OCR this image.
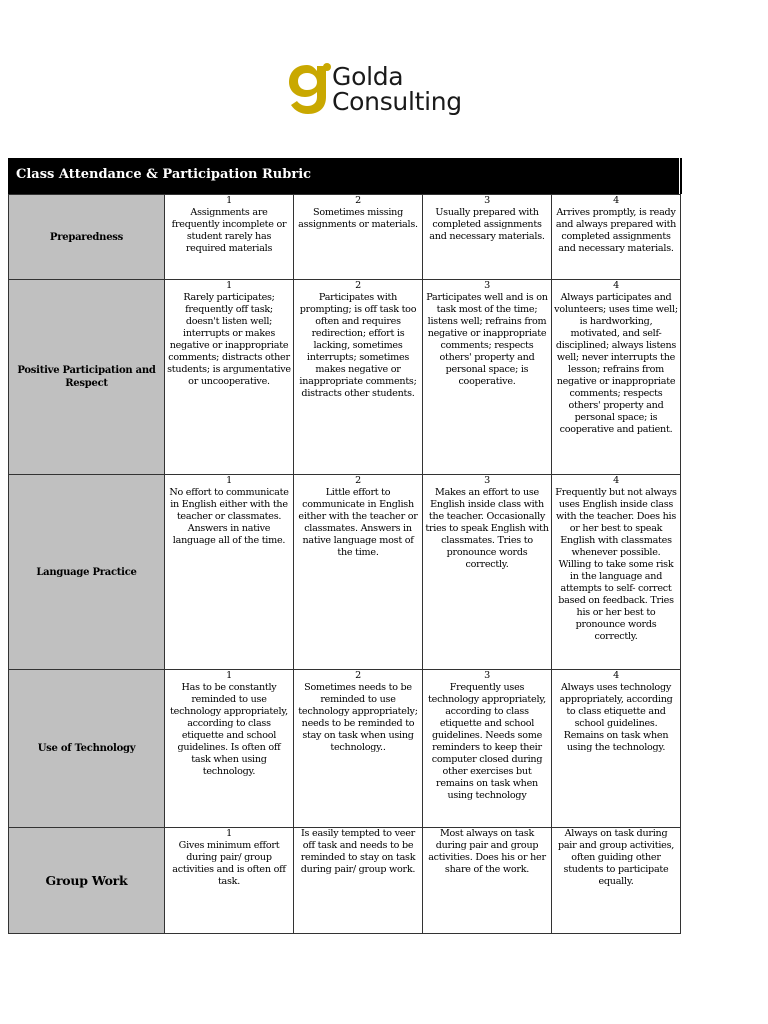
Golda
Consulting
Class Attendance & Participation Rubric
Preparedness	1
Assignments are frequently incomplete or student rarely has required materials	2
Sometimes missing assignments or materials.	3
Usually prepared with completed assignments and necessary materials.	4
Arrives promptly, is ready and always prepared with completed assignments and necessary materials.

Positive Participation and Respect	1
Rarely participates; frequently off task; doesn't listen well; interrupts or makes negative or inappropriate comments; distracts other students; is argumentative or uncooperative.	2
Participates with prompting; is off task too often and requires redirection; effort is lacking, sometimes interrupts; sometimes makes negative or inappropriate comments; distracts other students.	3
Participates well and is on task most of the time; listens well; refrains from negative or inappropriate comments; respects others' property and personal space; is cooperative.	4
Always participates and volunteers; uses time well; is hardworking, motivated, and self-disciplined; always listens well; never interrupts the lesson; refrains from negative or inappropriate comments; respects others' property and personal space; is cooperative and patient.

Language Practice	1
No effort to communicate in English either with the teacher or classmates. Answers in native language all of the time.	2
Little effort to communicate in English either with the teacher or classmates. Answers in native language most of the time.	3
Makes an effort to use English inside class with the teacher. Occasionally tries to speak English with classmates. Tries to pronounce words correctly.	4
Frequently but not always uses English inside class with the teacher. Does his or her best to speak English with classmates whenever possible. Willing to take some risk in the language and attempts to self- correct based on feedback. Tries his or her best to pronounce words correctly.

Use of Technology	1
Has to be constantly reminded to use technology appropriately, according to class etiquette and school guidelines. Is often off task when using technology.	2
Sometimes needs to be reminded to use technology appropriately; needs to be reminded to stay on task when using technology..	3
Frequently uses technology appropriately, according to class etiquette and school guidelines. Needs some reminders to keep their computer closed during other exercises but remains on task when using technology	4
Always uses technology appropriately, according to class etiquette and school guidelines. Remains on task when using the technology.

Group Work	1
Gives minimum effort during pair/ group activities and is often off task.	Is easily tempted to veer off task and needs to be reminded to stay on task during pair/ group work.	Most always on task during pair and group activities. Does his or her share of the work.	Always on task during pair and group activities, often guiding other students to participate equally.
